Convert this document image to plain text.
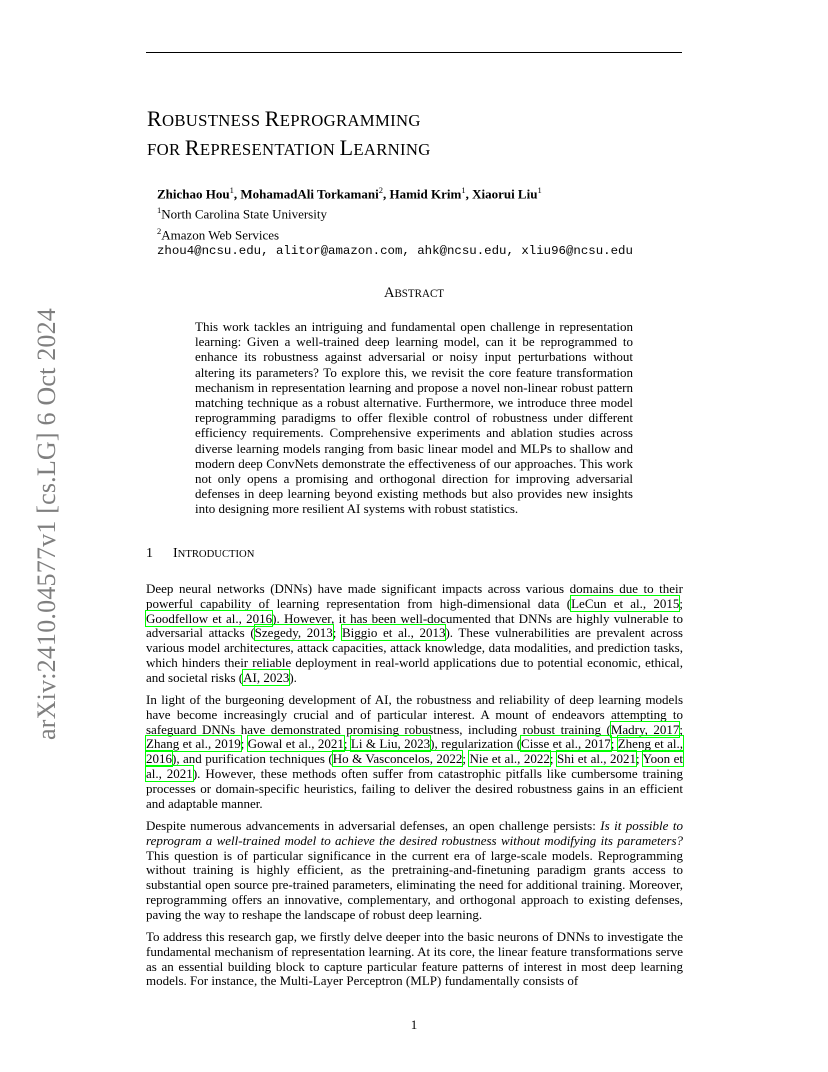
arXiv:2410.04577v1 [cs.LG] 6 Oct 2024
ROBUSTNESS REPROGRAMMING
FOR REPRESENTATION LEARNING
Zhichao Hou$^1$, MohamadAli Torkamani$^2$, Hamid Krim$^1$, Xiaorui Liu$^1$
$^1$North Carolina State University
$^2$Amazon Web Services
zhou4@ncsu.edu, alitor@amazon.com, ahk@ncsu.edu, xliu96@ncsu.edu
ABSTRACT
This work tackles an intriguing and fundamental open challenge in representation learning: Given a well-trained deep learning model, can it be reprogrammed to enhance its robustness against adversarial or noisy input perturbations without altering its parameters? To explore this, we revisit the core feature transformation mechanism in representation learning and propose a novel non-linear robust pattern matching technique as a robust alternative. Furthermore, we introduce three model reprogramming paradigms to offer flexible control of robustness under different efficiency requirements. Comprehensive experiments and ablation studies across diverse learning models ranging from basic linear model and MLPs to shallow and modern deep ConvNets demonstrate the effectiveness of our approaches. This work not only opens a promising and orthogonal direction for improving adversarial defenses in deep learning beyond existing methods but also provides new insights into designing more resilient AI systems with robust statistics.
1 INTRODUCTION

Deep neural networks (DNNs) have made significant impacts across various domains due to their powerful capability of learning representation from high-dimensional data (LeCun et al., 2015; Goodfellow et al., 2016). However, it has been well-documented that DNNs are highly vulnerable to adversarial attacks (Szegedy, 2013; Biggio et al., 2013). These vulnerabilities are prevalent across various model architectures, attack capacities, attack knowledge, data modalities, and prediction tasks, which hinders their reliable deployment in real-world applications due to potential economic, ethical, and societal risks (AI, 2023).

In light of the burgeoning development of AI, the robustness and reliability of deep learning models have become increasingly crucial and of particular interest. A mount of endeavors attempting to safeguard DNNs have demonstrated promising robustness, including robust training (Madry, 2017; Zhang et al., 2019; Gowal et al., 2021; Li & Liu, 2023), regularization (Cisse et al., 2017; Zheng et al., 2016), and purification techniques (Ho & Vasconcelos, 2022; Nie et al., 2022; Shi et al., 2021; Yoon et al., 2021). However, these methods often suffer from catastrophic pitfalls like cumbersome training processes or domain-specific heuristics, failing to deliver the desired robustness gains in an efficient and adaptable manner.

Despite numerous advancements in adversarial defenses, an open challenge persists: Is it possible to reprogram a well-trained model to achieve the desired robustness without modifying its parameters? This question is of particular significance in the current era of large-scale models. Reprogramming without training is highly efficient, as the pretraining-and-finetuning paradigm grants access to substantial open source pre-trained parameters, eliminating the need for additional training. Moreover, reprogramming offers an innovative, complementary, and orthogonal approach to existing defenses, paving the way to reshape the landscape of robust deep learning.

To address this research gap, we firstly delve deeper into the basic neurons of DNNs to investigate the fundamental mechanism of representation learning. At its core, the linear feature transformations serve as an essential building block to capture particular feature patterns of interest in most deep learning models. For instance, the Multi-Layer Perceptron (MLP) fundamentally consists of

1
